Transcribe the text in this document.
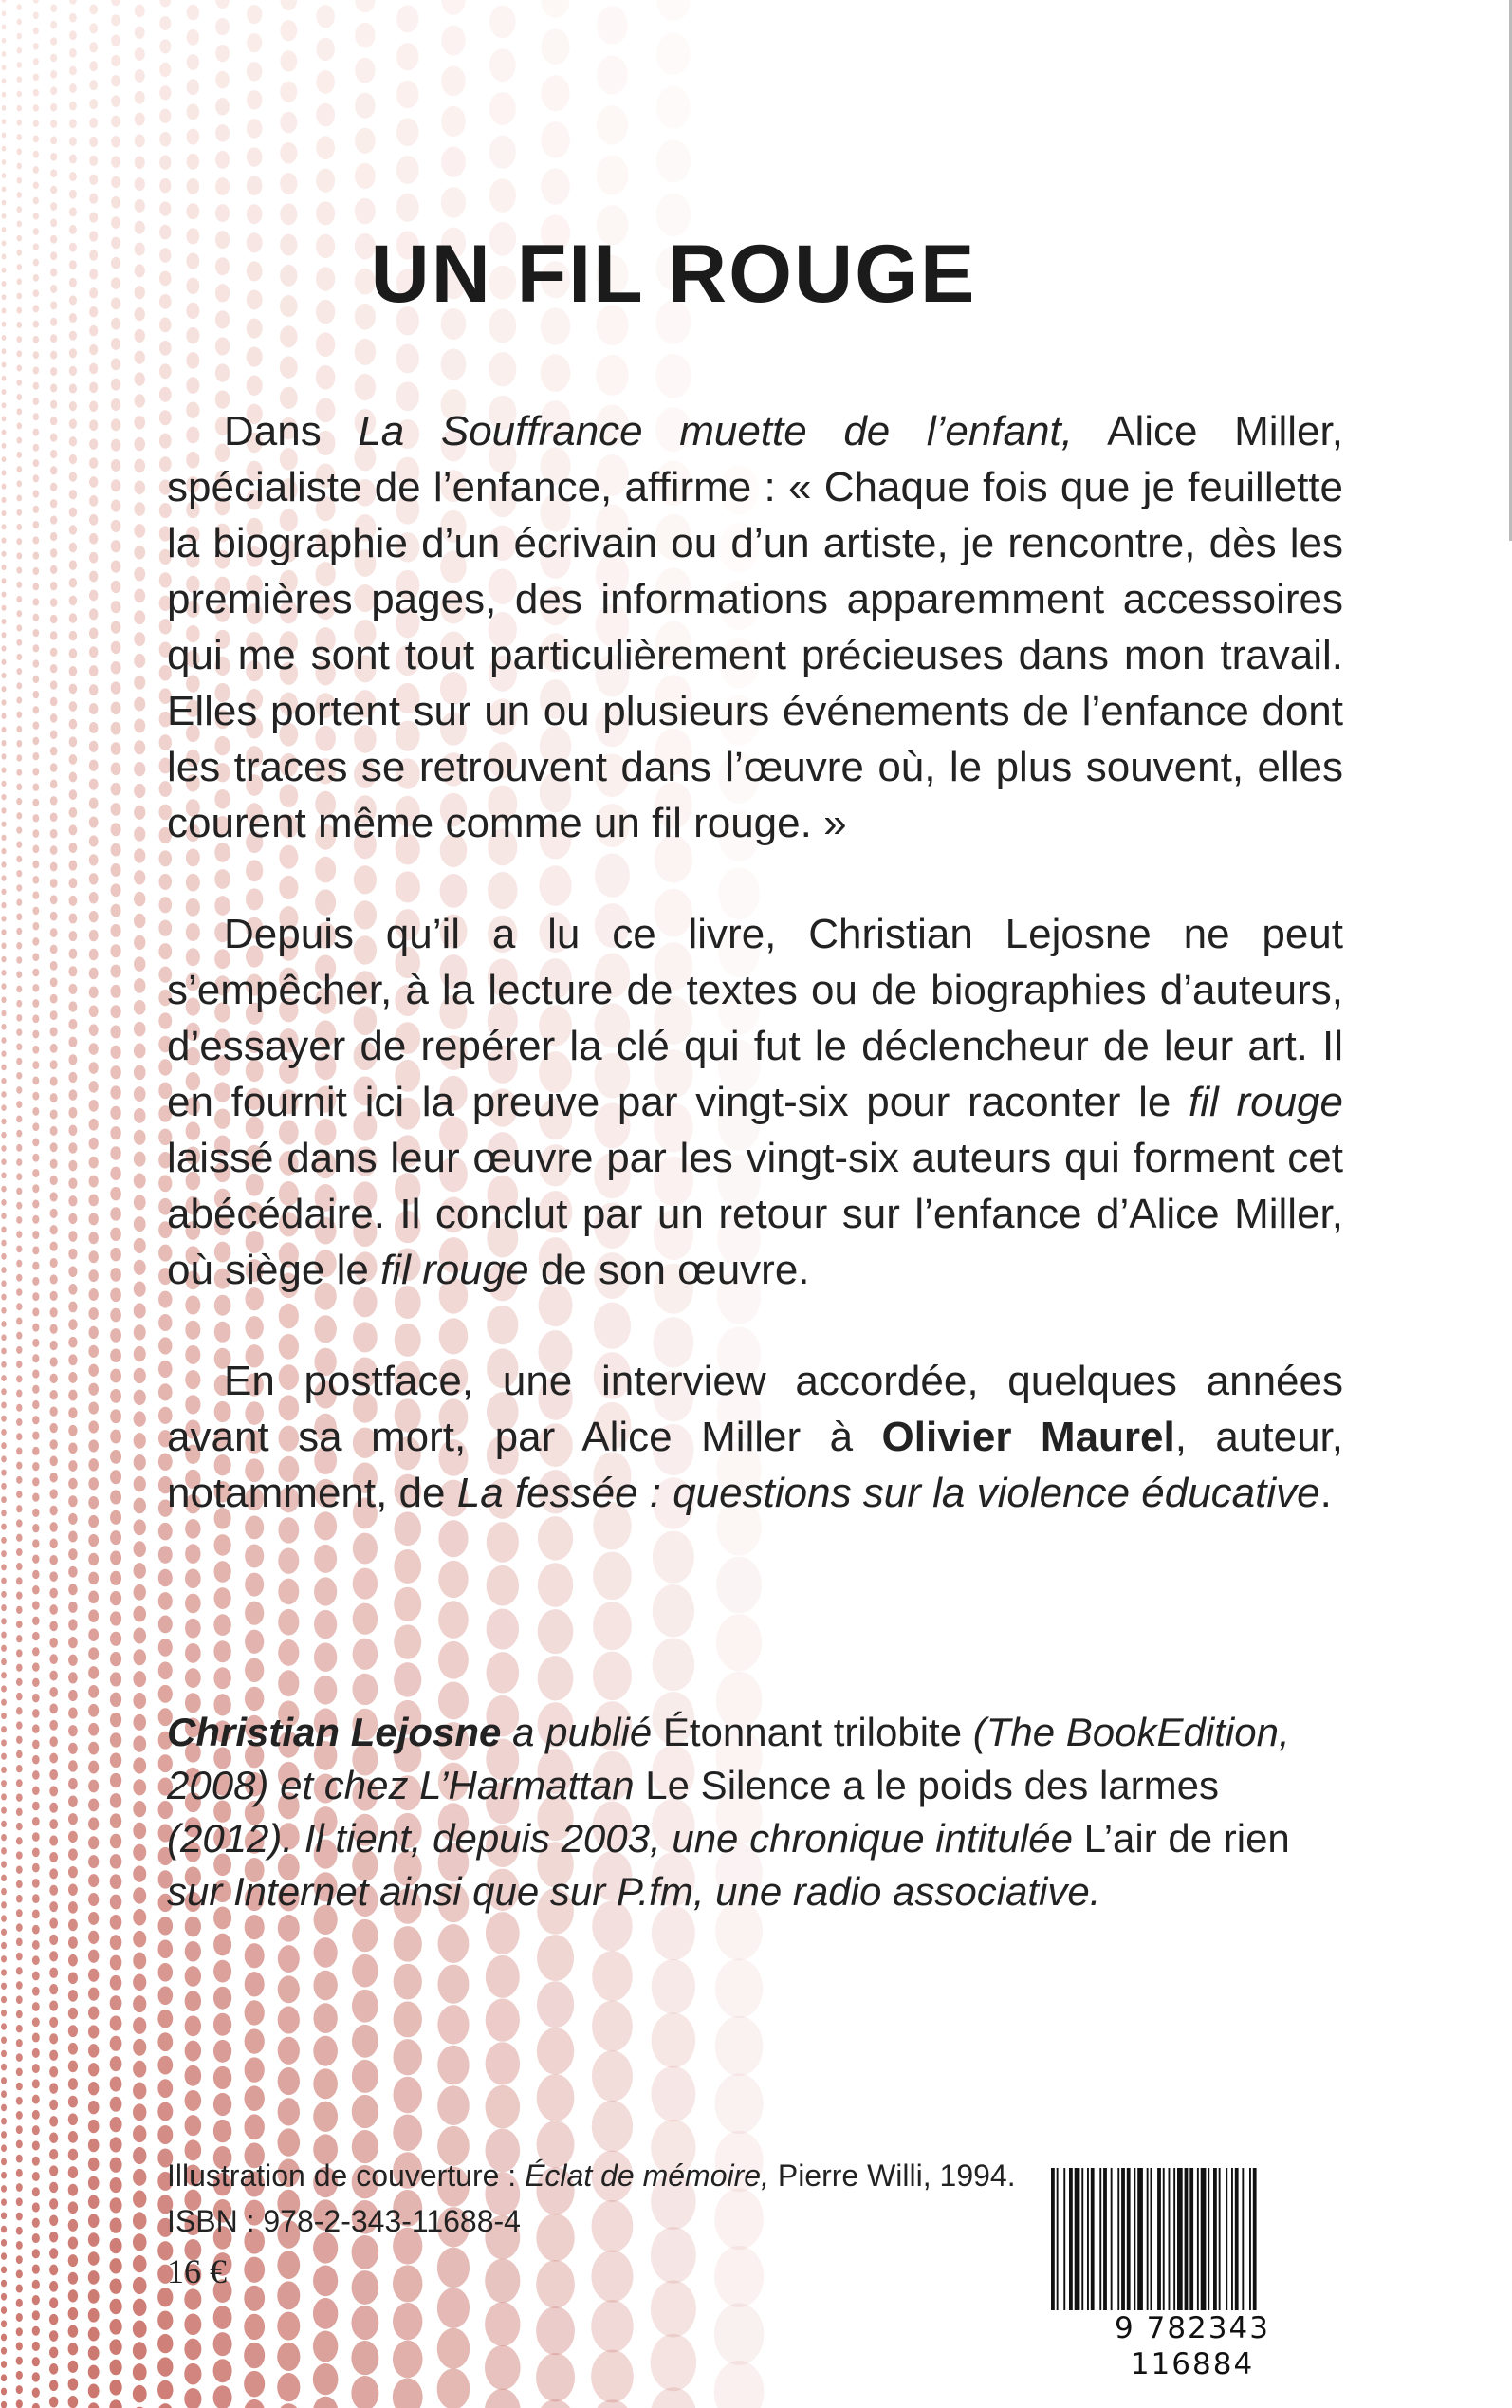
UN FIL ROUGE

Dans La Souffrance muette de l’enfant, Alice Miller, spécialiste de l’enfance, affirme : « Chaque fois que je feuillette la biographie d’un écrivain ou d’un artiste, je rencontre, dès les premières pages, des informations apparemment accessoires qui me sont tout particulièrement précieuses dans mon travail. Elles portent sur un ou plusieurs événements de l’enfance dont les traces se retrouvent dans l’œuvre où, le plus souvent, elles courent même comme un fil rouge. »

Depuis qu’il a lu ce livre, Christian Lejosne ne peut s’empêcher, à la lecture de textes ou de biographies d’auteurs, d’essayer de repérer la clé qui fut le déclencheur de leur art. Il en fournit ici la preuve par vingt-six pour raconter le fil rouge laissé dans leur œuvre par les vingt-six auteurs qui forment cet abécédaire. Il conclut par un retour sur l’enfance d’Alice Miller, où siège le fil rouge de son œuvre.

En postface, une interview accordée, quelques années avant sa mort, par Alice Miller à Olivier Maurel, auteur, notamment, de La fessée : questions sur la violence éducative.

Christian Lejosne a publié Étonnant trilobite (The BookEdition, 2008) et chez L’Harmattan Le Silence a le poids des larmes (2012). Il tient, depuis 2003, une chronique intitulée L’air de rien sur Internet ainsi que sur P.fm, une radio associative.
Illustration de couverture : Éclat de mémoire, Pierre Willi, 1994.
ISBN : 978-2-343-11688-4
16 €
9 782343 116884
